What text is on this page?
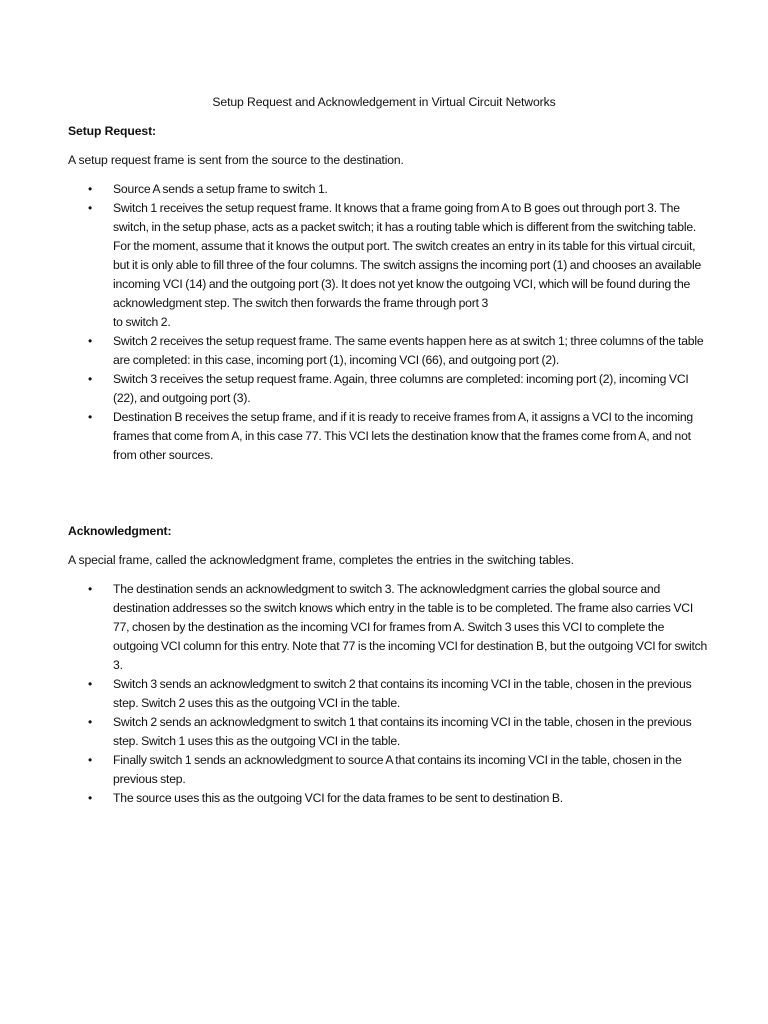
Setup Request and Acknowledgement in Virtual Circuit Networks
Setup Request:
A setup request frame is sent from the source to the destination.
• Source A sends a setup frame to switch 1.
• Switch 1 receives the setup request frame. It knows that a frame going from A to B goes out through port 3. The switch, in the setup phase, acts as a packet switch; it has a routing table which is different from the switching table. For the moment, assume that it knows the output port. The switch creates an entry in its table for this virtual circuit, but it is only able to fill three of the four columns. The switch assigns the incoming port (1) and chooses an available incoming VCI (14) and the outgoing port (3). It does not yet know the outgoing VCI, which will be found during the acknowledgment step. The switch then forwards the frame through port 3
to switch 2.
• Switch 2 receives the setup request frame. The same events happen here as at switch 1; three columns of the table are completed: in this case, incoming port (1), incoming VCI (66), and outgoing port (2).
• Switch 3 receives the setup request frame. Again, three columns are completed: incoming port (2), incoming VCI (22), and outgoing port (3).
• Destination B receives the setup frame, and if it is ready to receive frames from A, it assigns a VCI to the incoming frames that come from A, in this case 77. This VCI lets the destination know that the frames come from A, and not from other sources.
Acknowledgment:
A special frame, called the acknowledgment frame, completes the entries in the switching tables.
• The destination sends an acknowledgment to switch 3. The acknowledgment carries the global source and destination addresses so the switch knows which entry in the table is to be completed. The frame also carries VCI 77, chosen by the destination as the incoming VCI for frames from A. Switch 3 uses this VCI to complete the outgoing VCI column for this entry. Note that 77 is the incoming VCI for destination B, but the outgoing VCI for switch 3.
• Switch 3 sends an acknowledgment to switch 2 that contains its incoming VCI in the table, chosen in the previous step. Switch 2 uses this as the outgoing VCI in the table.
• Switch 2 sends an acknowledgment to switch 1 that contains its incoming VCI in the table, chosen in the previous step. Switch 1 uses this as the outgoing VCI in the table.
• Finally switch 1 sends an acknowledgment to source A that contains its incoming VCI in the table, chosen in the previous step.
• The source uses this as the outgoing VCI for the data frames to be sent to destination B.
